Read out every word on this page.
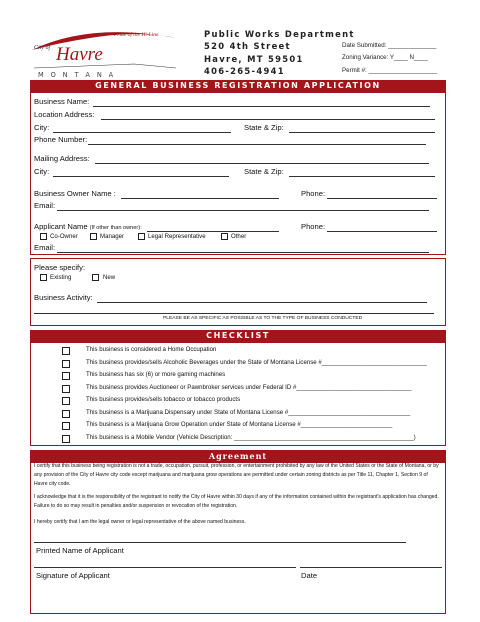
Pride of the Hi-Line
City of Havre
M O N T A N A
Public Works Department
520 4th Street
Havre, MT 59501
406-265-4941
Date Submitted: ______________
Zoning Variance: Y____ N____
Permit #: ____________________
GENERAL BUSINESS REGISTRATION APPLICATION
Business Name:
Location Address:
City:	State & Zip:
Phone Number:
Mailing Address:
City:	State & Zip:
Business Owner Name :	Phone:
Email:
Applicant Name (If other than owner):	Phone:
Co-Owner	Manager	Legal Representative	Other
Email:
Please specify:
Existing	New
Business Activity:
PLEASE BE AS SPECIFIC AS POSSIBLE AS TO THE TYPE OF BUSINESS CONDUCTED
CHECKLIST
This business is considered a Home Occupation
This business provides/sells Alcoholic Beverages under the State of Montana License #_______________________________
This business has six (6) or more gaming machines
This business provides Auctioneer or Pawnbroker services under Federal ID #__________________________________
This business provides/sells tobacco or tobacco products
This business is a Marijuana Dispensary under State of Montana License #____________________________________
This business is a Marijuana Grow Operation under State of Montana License #___________________________
This business is a Mobile Vendor (Vehicle Description: _____________________________________________________)
Agreement

I certify that this business being registration is not a trade, occupation, pursuit, profession, or entertainment prohibited by any law of the United States or the State of Montana, or by any provision of the City of Havre city code except marijuana and marijuana grow operations are permitted under certain zoning districts as per Title 11, Chapter 1, Section 9 of Havre city code.

I acknowledge that it is the responsibility of the registrant to notify the City of Havre within 30 days if any of the information contained within the registrant's application has changed. Failure to do so may result in penalties and/or suspension or revocation of the registration.

I hereby certify that I am the legal owner or legal representative of the above named business.

Printed Name of Applicant
Signature of Applicant	Date
